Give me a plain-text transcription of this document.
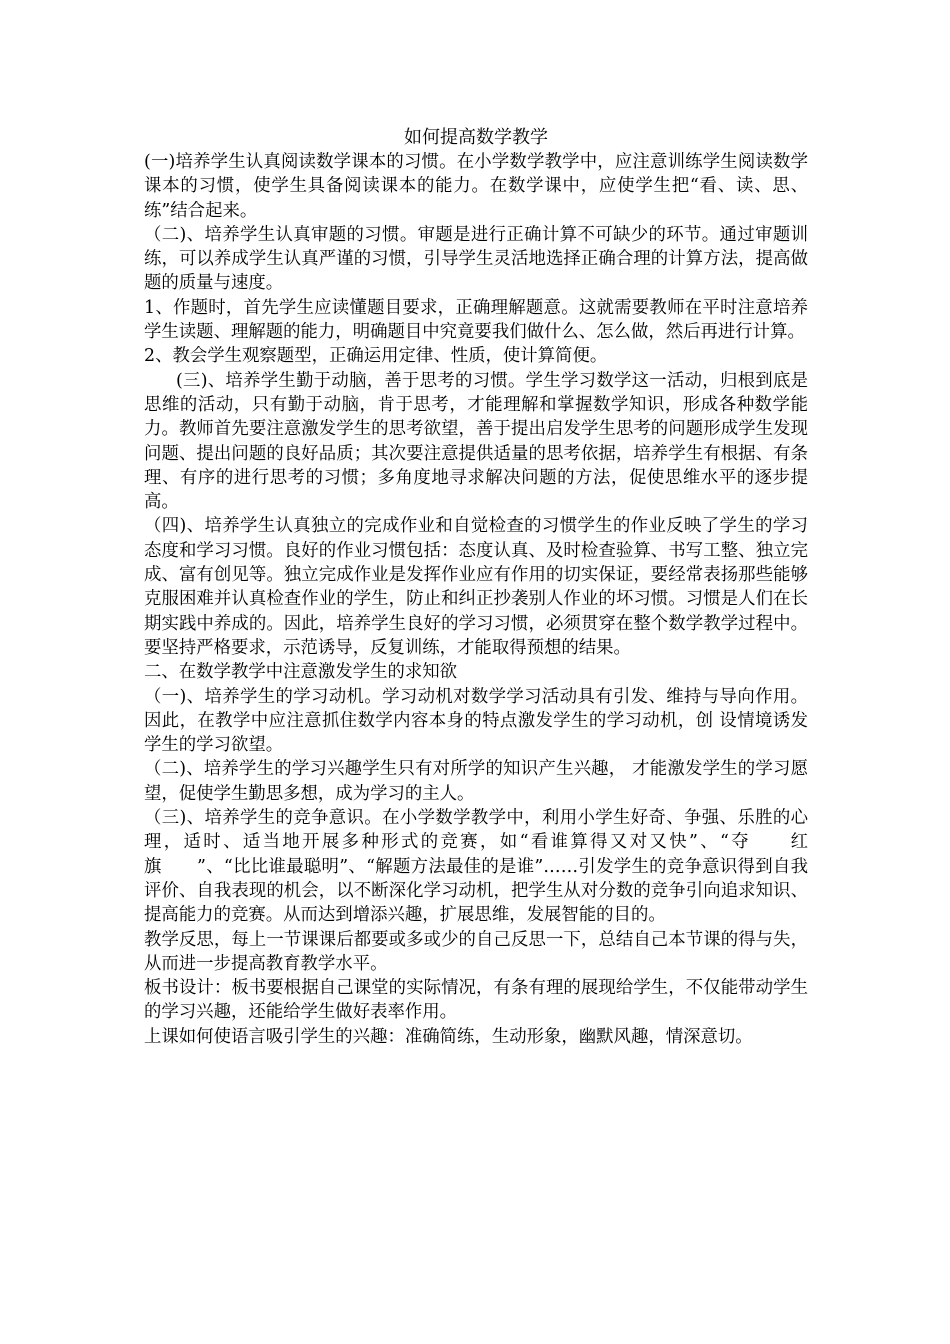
如何提高数学教学

(一)培养学生认真阅读数学课本的习惯。在小学数学教学中，应注意训练学生阅读数学课本的习惯，使学生具备阅读课本的能力。在数学课中，应使学生把“看、读、思、练”结合起来。

（二)、培养学生认真审题的习惯。审题是进行正确计算不可缺少的环节。通过审题训练，可以养成学生认真严谨的习惯，引导学生灵活地选择正确合理的计算方法，提高做题的质量与速度。

1、作题时，首先学生应读懂题目要求，正确理解题意。这就需要教师在平时注意培养学生读题、理解题的能力，明确题目中究竟要我们做什么、怎么做，然后再进行计算。

2、教会学生观察题型，正确运用定律、性质，使计算简便。

(三)、培养学生勤于动脑，善于思考的习惯。学生学习数学这一活动，归根到底是思维的活动，只有勤于动脑，肯于思考，才能理解和掌握数学知识，形成各种数学能力。教师首先要注意激发学生的思考欲望，善于提出启发学生思考的问题形成学生发现问题、提出问题的良好品质；其次要注意提供适量的思考依据，培养学生有根据、有条理、有序的进行思考的习惯；多角度地寻求解决问题的方法，促使思维水平的逐步提高。

（四)、培养学生认真独立的完成作业和自觉检查的习惯学生的作业反映了学生的学习态度和学习习惯。良好的作业习惯包括：态度认真、及时检查验算、书写工整、独立完成、富有创见等。独立完成作业是发挥作业应有作用的切实保证，要经常表扬那些能够克服困难并认真检查作业的学生，防止和纠正抄袭别人作业的坏习惯。习惯是人们在长期实践中养成的。因此，培养学生良好的学习习惯，必须贯穿在整个数学教学过程中。要坚持严格要求，示范诱导，反复训练，才能取得预想的结果。

二、在数学教学中注意激发学生的求知欲

（一)、培养学生的学习动机。学习动机对数学学习活动具有引发、维持与导向作用。因此，在教学中应注意抓住数学内容本身的特点激发学生的学习动机，创 设情境诱发学生的学习欲望。

（二)、培养学生的学习兴趣学生只有对所学的知识产生兴趣， 才能激发学生的学习愿望，促使学生勤思多想，成为学习的主人。

（三)、培养学生的竞争意识。在小学数学教学中，利用小学生好奇、争强、乐胜的心理，适时、适当地开展多种形式的竞赛，如“看谁算得又对又快”、“夺　　红旗　　”、“比比谁最聪明”、“解题方法最佳的是谁”……引发学生的竞争意识得到自我评价、自我表现的机会，以不断深化学习动机，把学生从对分数的竞争引向追求知识、提高能力的竞赛。从而达到增添兴趣，扩展思维，发展智能的目的。

教学反思，每上一节课课后都要或多或少的自己反思一下，总结自己本节课的得与失，从而进一步提高教育教学水平。

板书设计：板书要根据自己课堂的实际情况，有条有理的展现给学生，不仅能带动学生的学习兴趣，还能给学生做好表率作用。

上课如何使语言吸引学生的兴趣：准确简练，生动形象，幽默风趣，情深意切。
